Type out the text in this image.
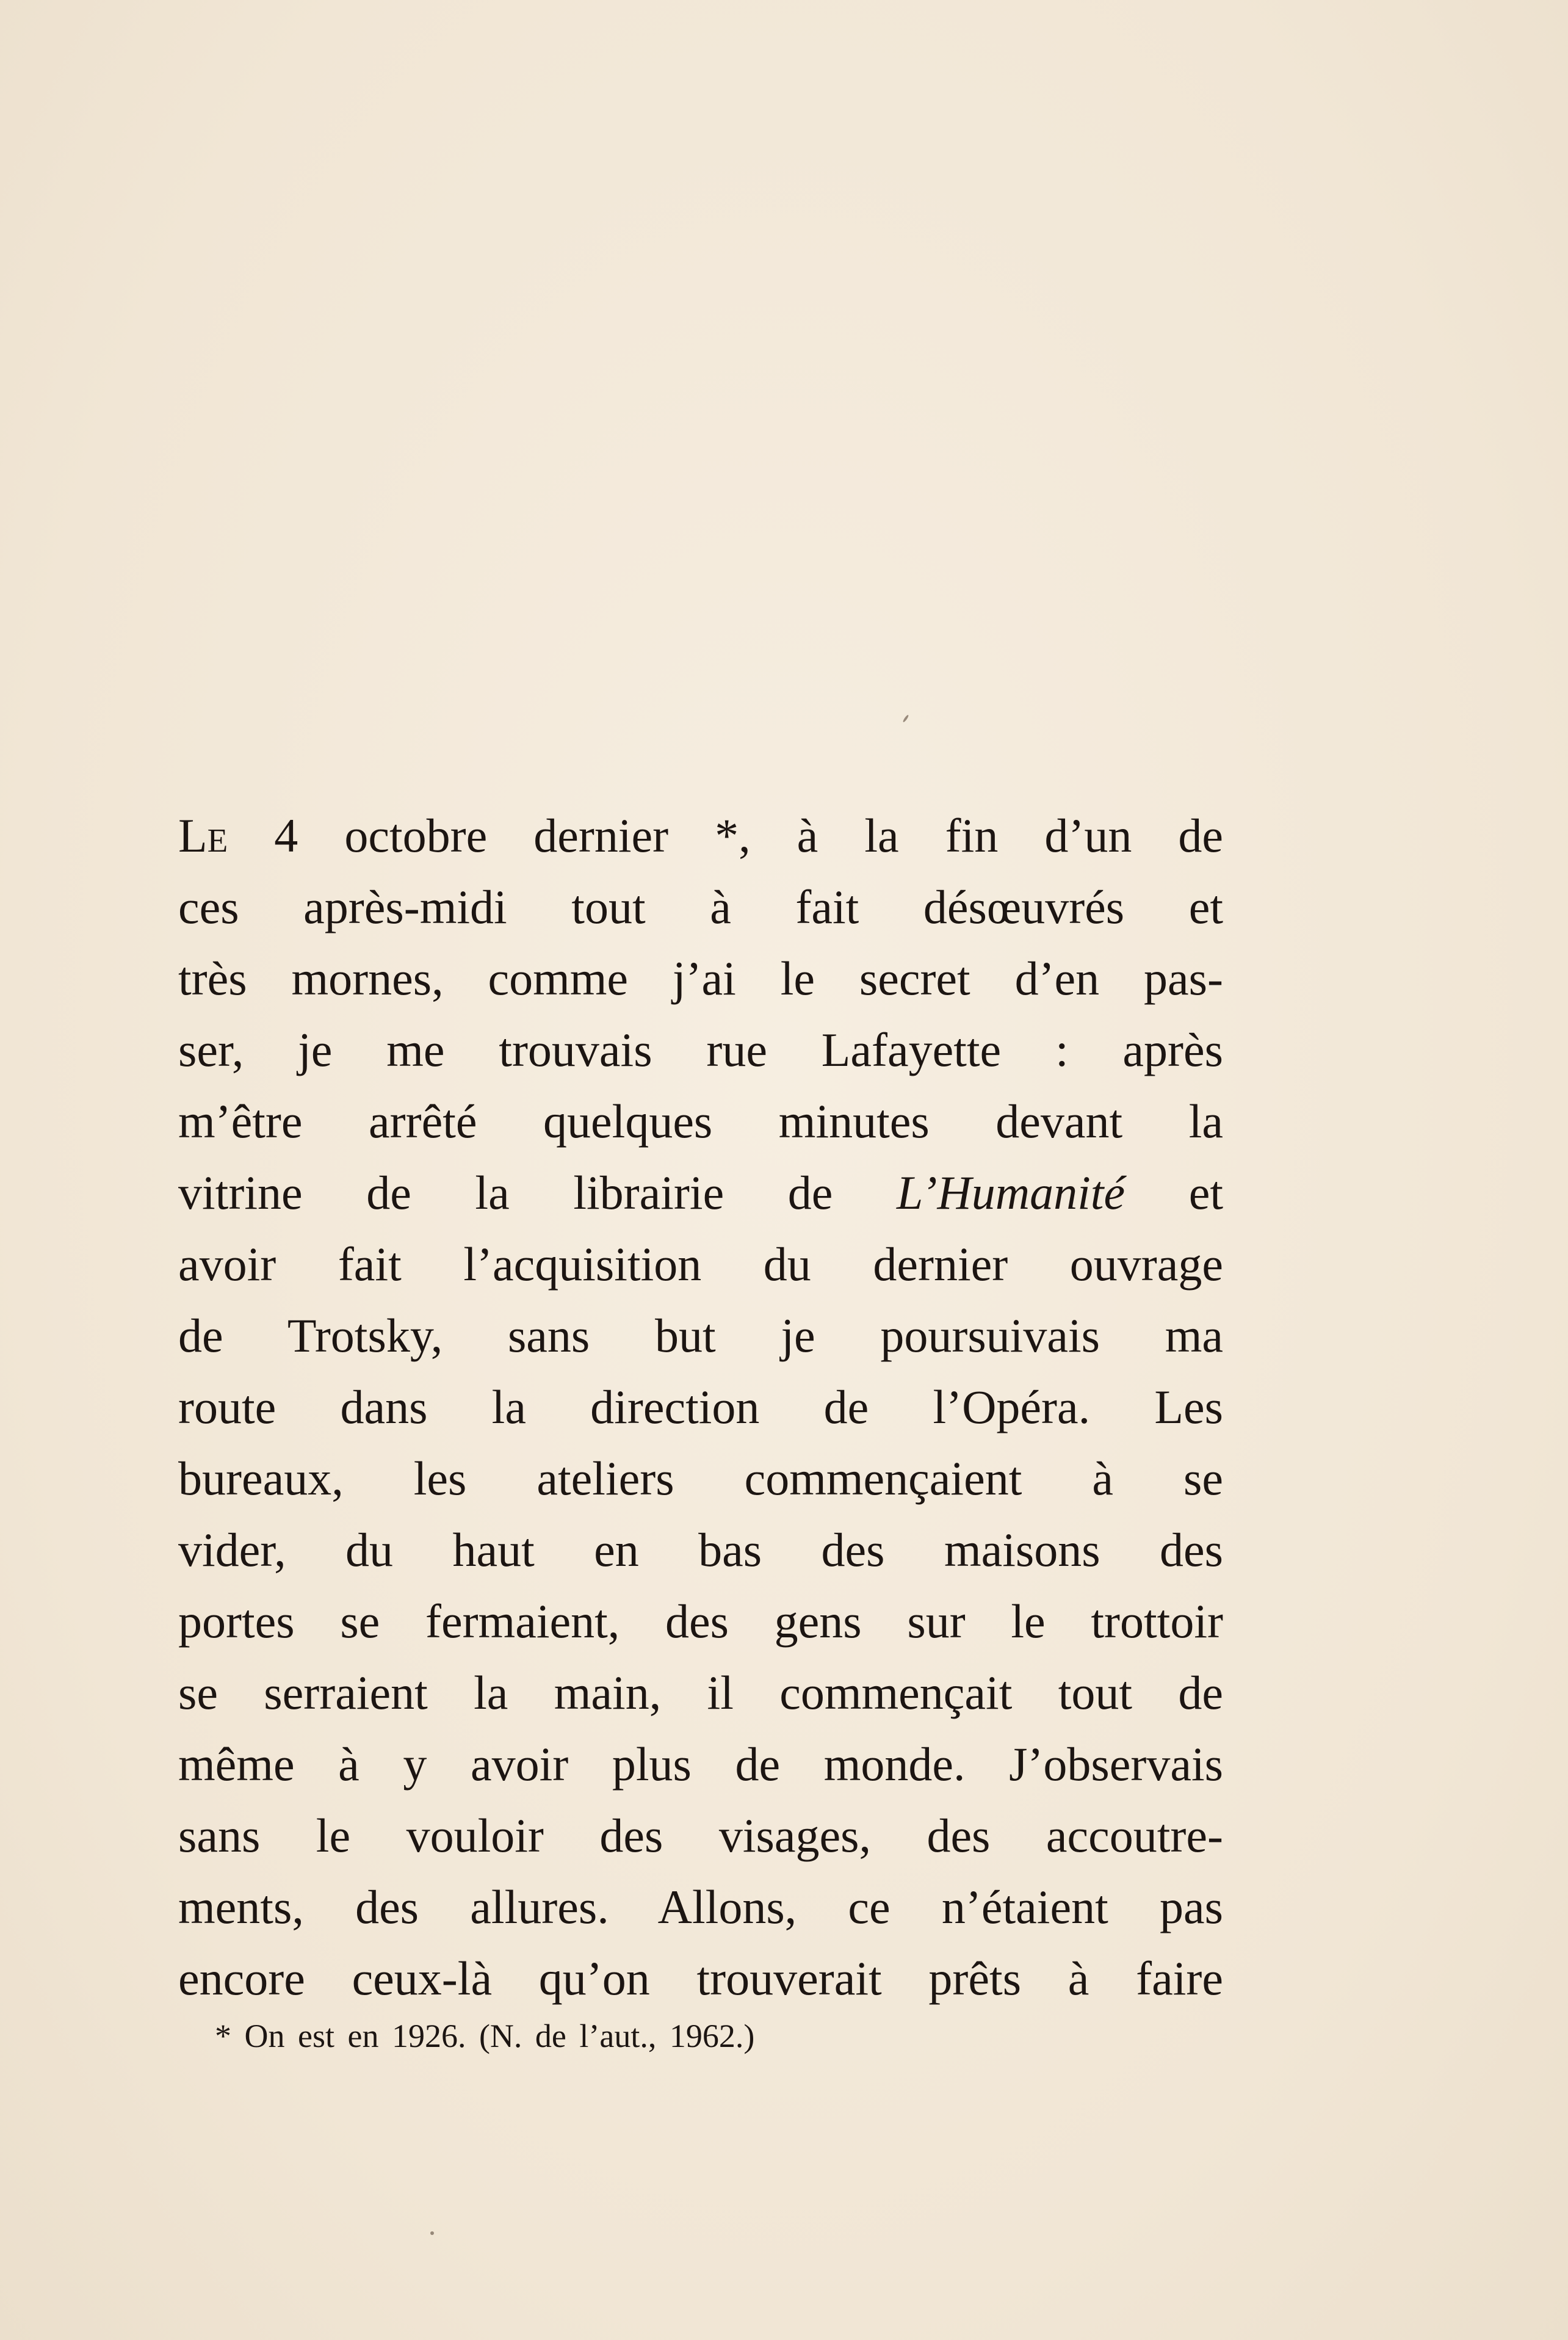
Le 4 octobre dernier *, à la fin d’un de
ces après-midi tout à fait désœuvrés et
très mornes, comme j’ai le secret d’en pas-
ser, je me trouvais rue Lafayette : après
m’être arrêté quelques minutes devant la
vitrine de la librairie de L’Humanité et
avoir fait l’acquisition du dernier ouvrage
de Trotsky, sans but je poursuivais ma
route dans la direction de l’Opéra. Les
bureaux, les ateliers commençaient à se
vider, du haut en bas des maisons des
portes se fermaient, des gens sur le trottoir
se serraient la main, il commençait tout de
même à y avoir plus de monde. J’observais
sans le vouloir des visages, des accoutre-
ments, des allures. Allons, ce n’étaient pas
encore ceux-là qu’on trouverait prêts à faire
* On est en 1926. (N. de l’aut., 1962.)
